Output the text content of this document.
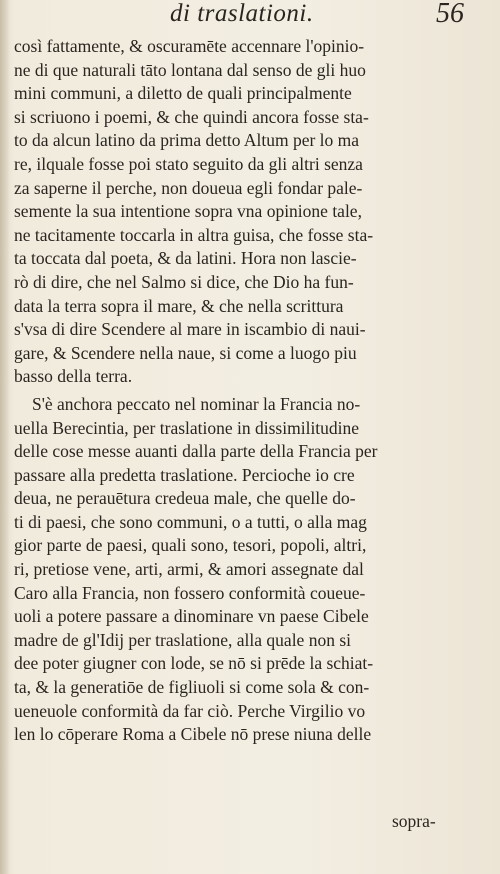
di traslationi.	56
così fattamente, & oscuramēte accennare l'opinio-
ne di que naturali tāto lontana dal senso de gli huo
mini communi, a diletto de quali principalmente
si scriuono i poemi, & che quindi ancora fosse sta-
to da alcun latino da prima detto Altum per lo ma
re, ilquale fosse poi stato seguito da gli altri senza
za saperne il perche, non doueua egli fondar pale-
semente la sua intentione sopra vna opinione tale,
ne tacitamente toccarla in altra guisa, che fosse sta-
ta toccata dal poeta, & da latini. Hora non lascie-
rò di dire, che nel Salmo si dice, che Dio ha fun-
data la terra sopra il mare, & che nella scrittura
s'vsa di dire Scendere al mare in iscambio di naui-
gare, & Scendere nella naue, si come a luogo piu
basso della terra.
S'è anchora peccato nel nominar la Francia no-
uella Berecintia, per traslatione in dissimilitudine
delle cose messe auanti dalla parte della Francia per
passare alla predetta traslatione. Percioche io cre
deua, ne perauētura credeua male, che quelle do-
ti di paesi, che sono communi, o a tutti, o alla mag
gior parte de paesi, quali sono, tesori, popoli, altri,
ri, pretiose vene, arti, armi, & amori assegnate dal
Caro alla Francia, non fossero conformità coueue-
uoli a potere passare a dinominare vn paese Cibele
madre de gl'Idij per traslatione, alla quale non si
dee poter giugner con lode, se nō si prēde la schiat-
ta, & la generatiōe de figliuoli si come sola & con-
ueneuole conformità da far ciò. Perche Virgilio vo
len lo cōperare Roma a Cibele nō prese niuna delle
sopra-
